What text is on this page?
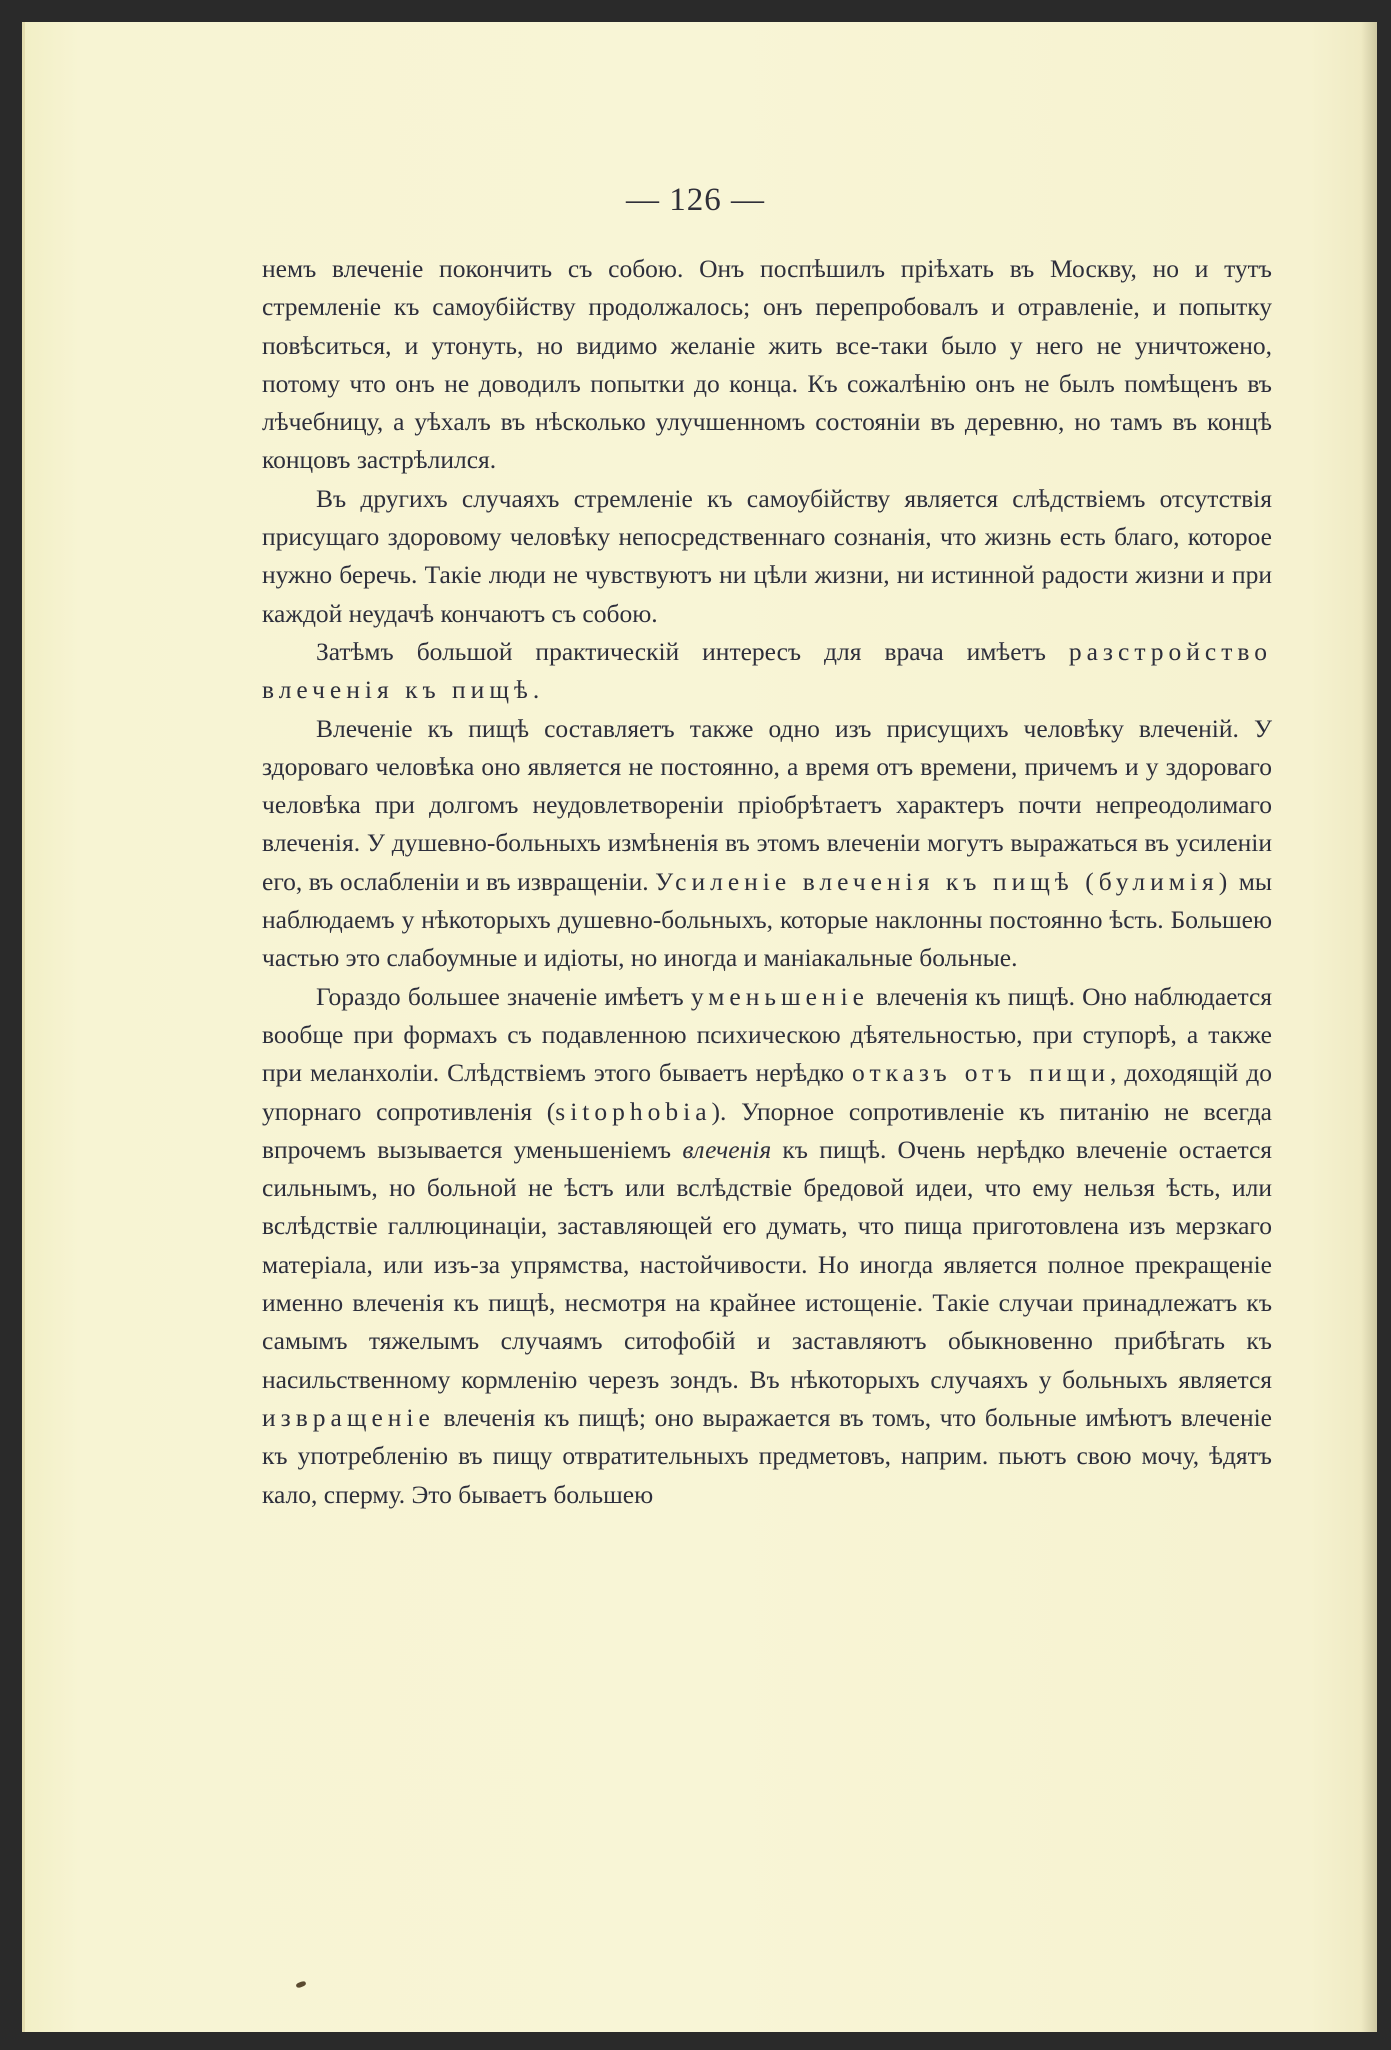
— 126 —

немъ влеченіе покончить съ собою. Онъ поспѣшилъ пріѣхать въ Москву, но и тутъ стремленіе къ самоубійству продолжалось; онъ перепробовалъ и отравленіе, и попытку повѣситься, и утонуть, но видимо желаніе жить все-таки было у него не уничтожено, потому что онъ не доводилъ попытки до конца. Къ сожалѣнію онъ не былъ помѣщенъ въ лѣчебницу, а уѣхалъ въ нѣсколько улучшенномъ состояніи въ деревню, но тамъ въ концѣ концовъ застрѣлился.

Въ другихъ случаяхъ стремленіе къ самоубійству является слѣдствіемъ отсутствія присущаго здоровому человѣку непосредственнаго сознанія, что жизнь есть благо, которое нужно беречь. Такіе люди не чувствуютъ ни цѣли жизни, ни истинной радости жизни и при каждой неудачѣ кончаютъ съ собою.

Затѣмъ большой практическій интересъ для врача имѣетъ разстройство влеченія къ пищѣ.

Влеченіе къ пищѣ составляетъ также одно изъ присущихъ человѣку влеченій. У здороваго человѣка оно является не постоянно, а время отъ времени, причемъ и у здороваго человѣка при долгомъ неудовлетвореніи пріобрѣтаетъ характеръ почти непреодолимаго влеченія. У душевно-больныхъ измѣненія въ этомъ влеченіи могутъ выражаться въ усиленіи его, въ ослабленіи и въ извращеніи. Усиленіе влеченія къ пищѣ (булимія) мы наблюдаемъ у нѣкоторыхъ душевно-больныхъ, которые наклонны постоянно ѣсть. Большею частью это слабоумные и идіоты, но иногда и маніакальные больные.

Гораздо большее значеніе имѣетъ уменьшеніе влеченія къ пищѣ. Оно наблюдается вообще при формахъ съ подавленною психическою дѣятельностью, при ступорѣ, а также при меланхоліи. Слѣдствіемъ этого бываетъ нерѣдко отказъ отъ пищи, доходящій до упорнаго сопротивленія (sitophobia). Упорное сопротивленіе къ питанію не всегда впрочемъ вызывается уменьшеніемъ влеченія къ пищѣ. Очень нерѣдко влеченіе остается сильнымъ, но больной не ѣстъ или вслѣдствіе бредовой идеи, что ему нельзя ѣсть, или вслѣдствіе галлюцинаціи, заставляющей его думать, что пища приготовлена изъ мерзкаго матеріала, или изъ-за упрямства, настойчивости. Но иногда является полное прекращеніе именно влеченія къ пищѣ, несмотря на крайнее истощеніе. Такіе случаи принадлежатъ къ самымъ тяжелымъ случаямъ ситофобій и заставляютъ обыкновенно прибѣгать къ насильственному кормленію черезъ зондъ. Въ нѣкоторыхъ случаяхъ у больныхъ является извращеніе влеченія къ пищѣ; оно выражается въ томъ, что больные имѣютъ влеченіе къ употребленію въ пищу отвратительныхъ предметовъ, наприм. пьютъ свою мочу, ѣдятъ кало, сперму. Это бываетъ большею
